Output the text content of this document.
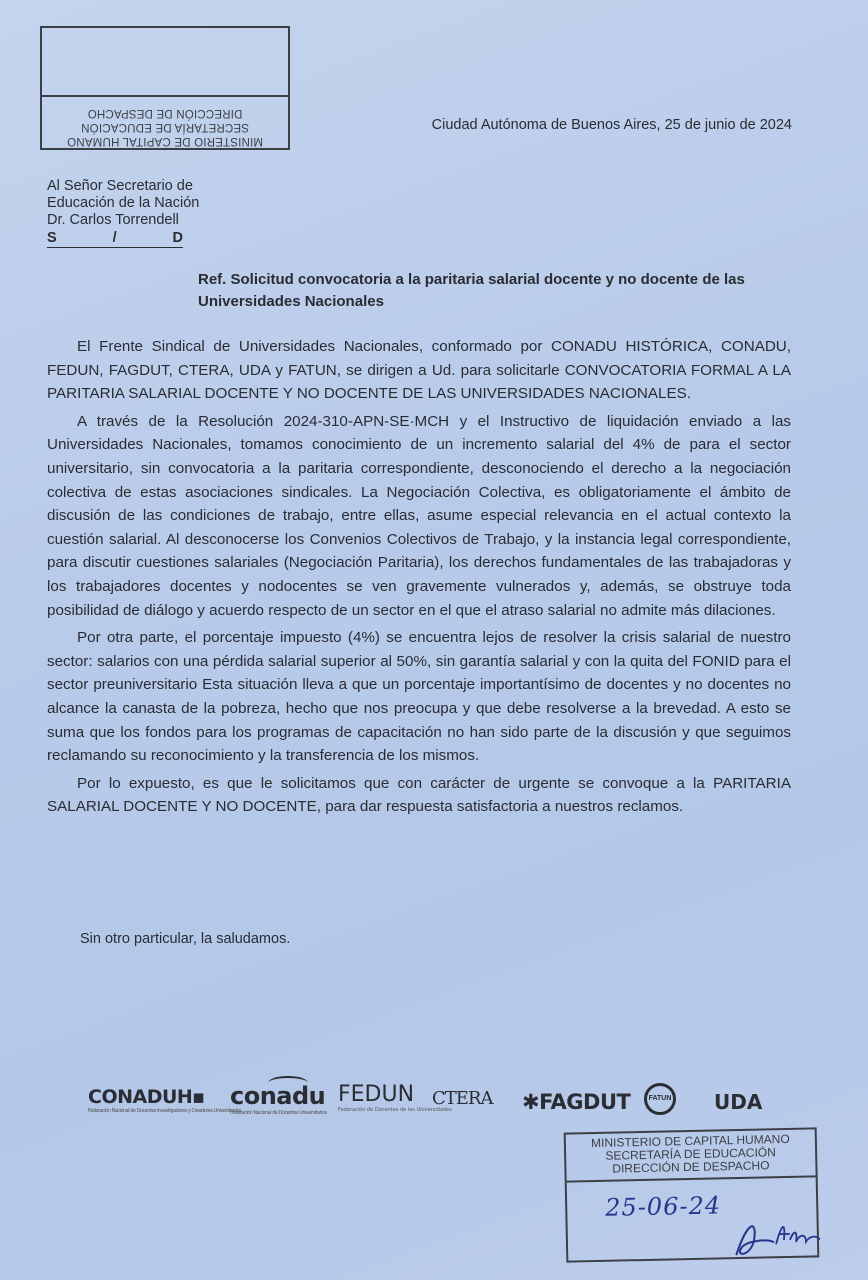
MINISTERIO DE CAPITAL HUMANO
SECRETARÍA DE EDUCACIÓN
DIRECCIÓN DE DESPACHO
Ciudad Autónoma de Buenos Aires, 25 de junio de 2024
Al Señor Secretario de
Educación de la Nación
Dr. Carlos Torrendell
S	/	D
Ref. Solicitud convocatoria a la paritaria salarial docente y no docente de las Universidades Nacionales

El Frente Sindical de Universidades Nacionales, conformado por CONADU HISTÓRICA, CONADU, FEDUN, FAGDUT, CTERA, UDA y FATUN, se dirigen a Ud. para solicitarle CONVOCATORIA FORMAL A LA PARITARIA SALARIAL DOCENTE Y NO DOCENTE DE LAS UNIVERSIDADES NACIONALES.

A través de la Resolución 2024-310-APN-SE·MCH y el Instructivo de liquidación enviado a las Universidades Nacionales, tomamos conocimiento de un incremento salarial del 4% de para el sector universitario, sin convocatoria a la paritaria correspondiente, desconociendo el derecho a la negociación colectiva de estas asociaciones sindicales. La Negociación Colectiva, es obligatoriamente el ámbito de discusión de las condiciones de trabajo, entre ellas, asume especial relevancia en el actual contexto la cuestión salarial. Al desconocerse los Convenios Colectivos de Trabajo, y la instancia legal correspondiente, para discutir cuestiones salariales (Negociación Paritaria), los derechos fundamentales de las trabajadoras y los trabajadores docentes y nodocentes se ven gravemente vulnerados y, además, se obstruye toda posibilidad de diálogo y acuerdo respecto de un sector en el que el atraso salarial no admite más dilaciones.

Por otra parte, el porcentaje impuesto (4%) se encuentra lejos de resolver la crisis salarial de nuestro sector: salarios con una pérdida salarial superior al 50%, sin garantía salarial y con la quita del FONID para el sector preuniversitario Esta situación lleva a que un porcentaje importantísimo de docentes y no docentes no alcance la canasta de la pobreza, hecho que nos preocupa y que debe resolverse a la brevedad. A esto se suma que los fondos para los programas de capacitación no han sido parte de la discusión y que seguimos reclamando su reconocimiento y la transferencia de los mismos.

Por lo expuesto, es que le solicitamos que con carácter de urgente se convoque a la PARITARIA SALARIAL DOCENTE Y NO DOCENTE, para dar respuesta satisfactoria a nuestros reclamos.

Sin otro particular, la saludamos.
CONADUH▪
Federación Nacional de Docentes Investigadores y Creadores Universitarios
conadu
Federación Nacional de Docentes Universitarios
FEDUN
Federación de Docentes de las Universidades
CTERA ✱FAGDUT	FATUN UDA
MINISTERIO DE CAPITAL HUMANO
SECRETARÍA DE EDUCACIÓN
DIRECCIÓN DE DESPACHO
25-06-24
